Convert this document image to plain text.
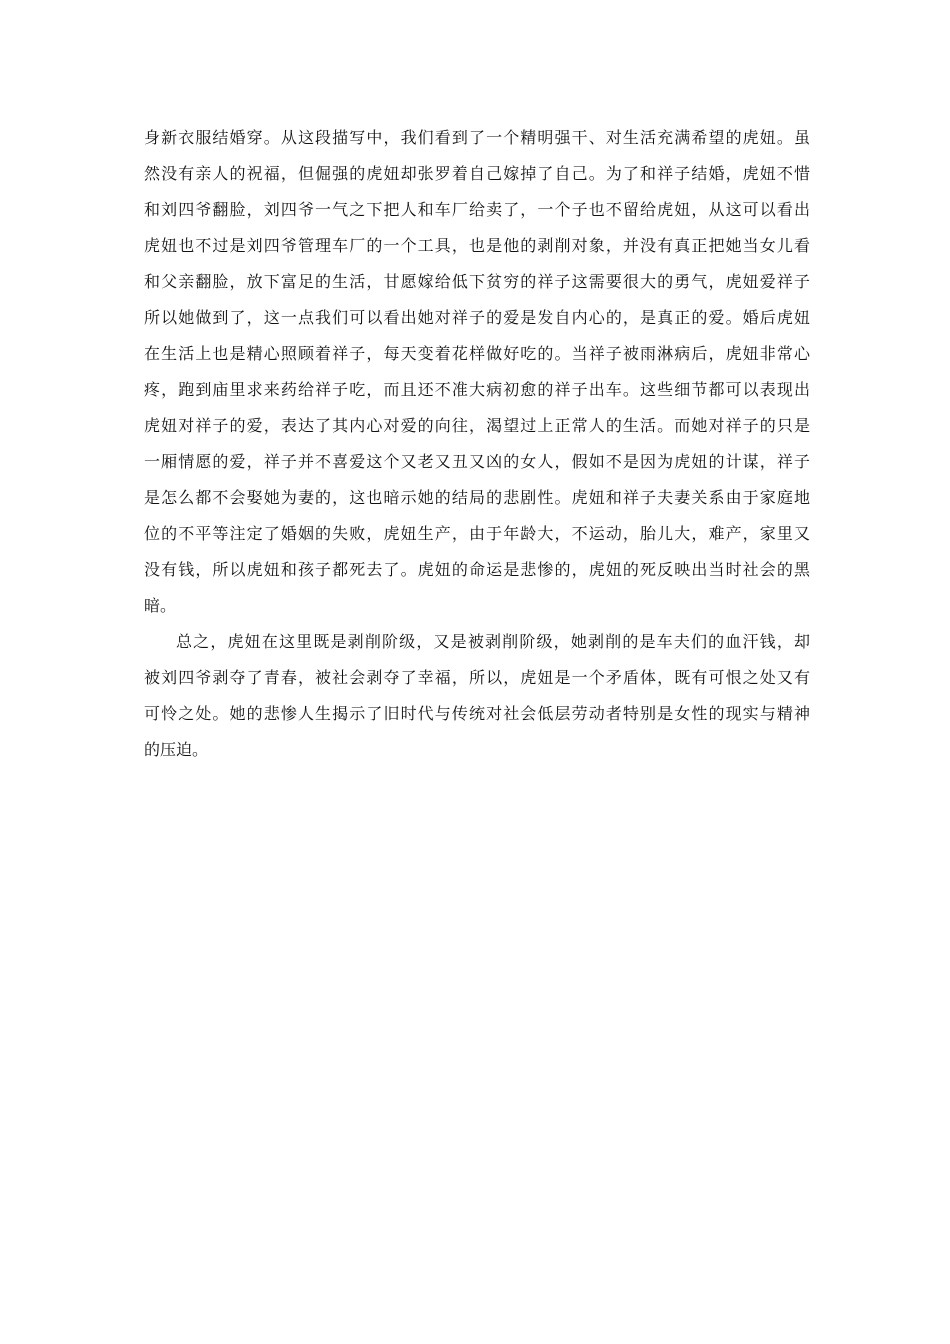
身新衣服结婚穿。从这段描写中，我们看到了一个精明强干、对生活充满希望的虎妞。虽
然没有亲人的祝福，但倔强的虎妞却张罗着自己嫁掉了自己。为了和祥子结婚，虎妞不惜
和刘四爷翻脸，刘四爷一气之下把人和车厂给卖了，一个子也不留给虎妞，从这可以看出
虎妞也不过是刘四爷管理车厂的一个工具，也是他的剥削对象，并没有真正把她当女儿看
和父亲翻脸，放下富足的生活，甘愿嫁给低下贫穷的祥子这需要很大的勇气，虎妞爱祥子
所以她做到了，这一点我们可以看出她对祥子的爱是发自内心的，是真正的爱。婚后虎妞
在生活上也是精心照顾着祥子，每天变着花样做好吃的。当祥子被雨淋病后，虎妞非常心
疼，跑到庙里求来药给祥子吃，而且还不准大病初愈的祥子出车。这些细节都可以表现出
虎妞对祥子的爱，表达了其内心对爱的向往，渴望过上正常人的生活。而她对祥子的只是
一厢情愿的爱，祥子并不喜爱这个又老又丑又凶的女人，假如不是因为虎妞的计谋，祥子
是怎么都不会娶她为妻的，这也暗示她的结局的悲剧性。虎妞和祥子夫妻关系由于家庭地
位的不平等注定了婚姻的失败，虎妞生产，由于年龄大，不运动，胎儿大，难产，家里又
没有钱，所以虎妞和孩子都死去了。虎妞的命运是悲惨的，虎妞的死反映出当时社会的黑
暗。
总之，虎妞在这里既是剥削阶级，又是被剥削阶级，她剥削的是车夫们的血汗钱，却
被刘四爷剥夺了青春，被社会剥夺了幸福，所以，虎妞是一个矛盾体，既有可恨之处又有
可怜之处。她的悲惨人生揭示了旧时代与传统对社会低层劳动者特别是女性的现实与精神
的压迫。
